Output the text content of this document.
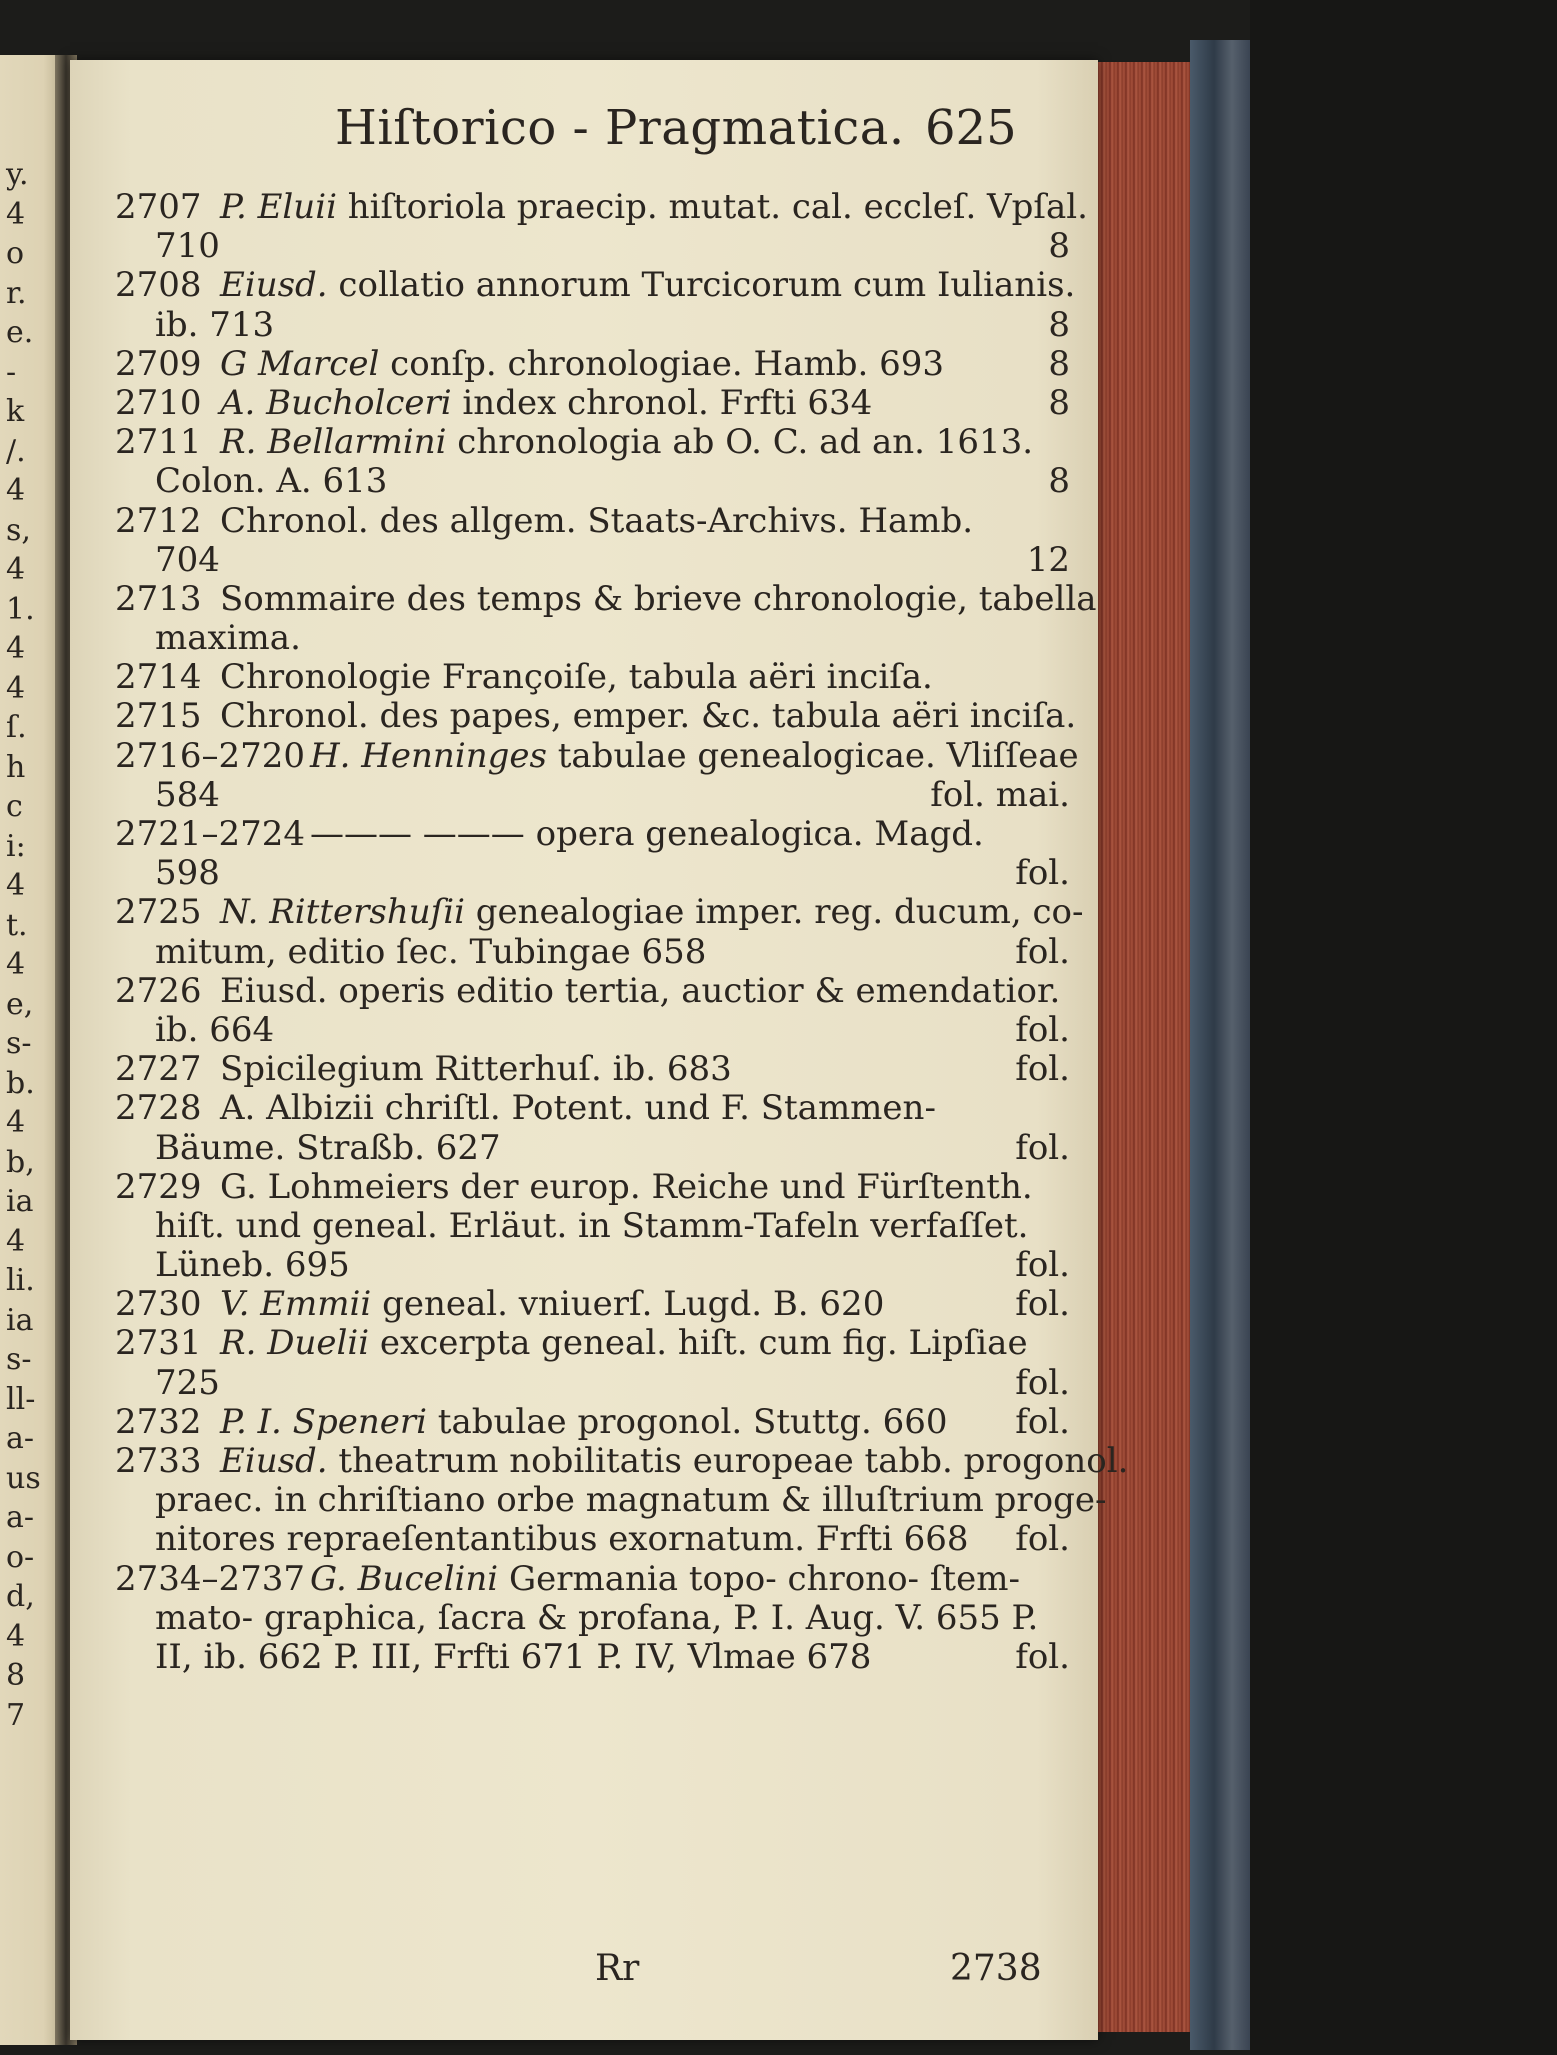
y.
4
o
r.
e.
-
k
/.
4
s,
4
1.
4
4
ſ.
h
c
i:
4
t.
4
e,
s-
b.
4
b,
ia
4
li.
ia
s-
ll-
a-
us
a-
o-
d,
4
8
7
Hiſtorico - Pragmatica. 625
2707 P. Eluii hiſtoriola praecip. mutat. cal. eccleſ. Vpſal.
710	8
2708 Eiusd. collatio annorum Turcicorum cum Iulianis.
ib. 713	8
2709 G Marcel conſp. chronologiae. Hamb. 693	8
2710 A. Bucholceri index chronol. Frfti 634	8
2711 R. Bellarmini chronologia ab O. C. ad an. 1613.
Colon. A. 613	8
2712 Chronol. des allgem. Staats-Archivs. Hamb.
704	12
2713 Sommaire des temps & brieve chronologie, tabella
maxima.
2714 Chronologie Françoiſe, tabula aëri inciſa.
2715 Chronol. des papes, emper. &c. tabula aëri inciſa.
2716–2720 H. Henninges tabulae genealogicae. Vliſſeae
584	fol. mai.
2721–2724 ——— ——— opera genealogica. Magd.
598	fol.
2725 N. Rittershuſii genealogiae imper. reg. ducum, co-
mitum, editio ſec. Tubingae 658	fol.
2726 Eiusd. operis editio tertia, auctior & emendatior.
ib. 664	fol.
2727 Spicilegium Ritterhuſ. ib. 683	fol.
2728 A. Albizii chriſtl. Potent. und F. Stammen-
Bäume. Straßb. 627	fol.
2729 G. Lohmeiers der europ. Reiche und Fürſtenth.
hiſt. und geneal. Erläut. in Stamm-Tafeln verfaſſet.
Lüneb. 695	fol.
2730 V. Emmii geneal. vniuerſ. Lugd. B. 620	fol.
2731 R. Duelii excerpta geneal. hiſt. cum fig. Lipſiae
725	fol.
2732 P. I. Speneri tabulae progonol. Stuttg. 660 fol.
2733 Eiusd. theatrum nobilitatis europeae tabb. progonol.
praec. in chriſtiano orbe magnatum & illuſtrium proge-
nitores repraeſentantibus exornatum. Frfti 668 fol.
2734–2737 G. Bucelini Germania topo- chrono- ſtem-
mato- graphica, ſacra & profana, P. I. Aug. V. 655 P.
II, ib. 662 P. III, Frfti 671 P. IV, Vlmae 678	fol.
Rr	2738
